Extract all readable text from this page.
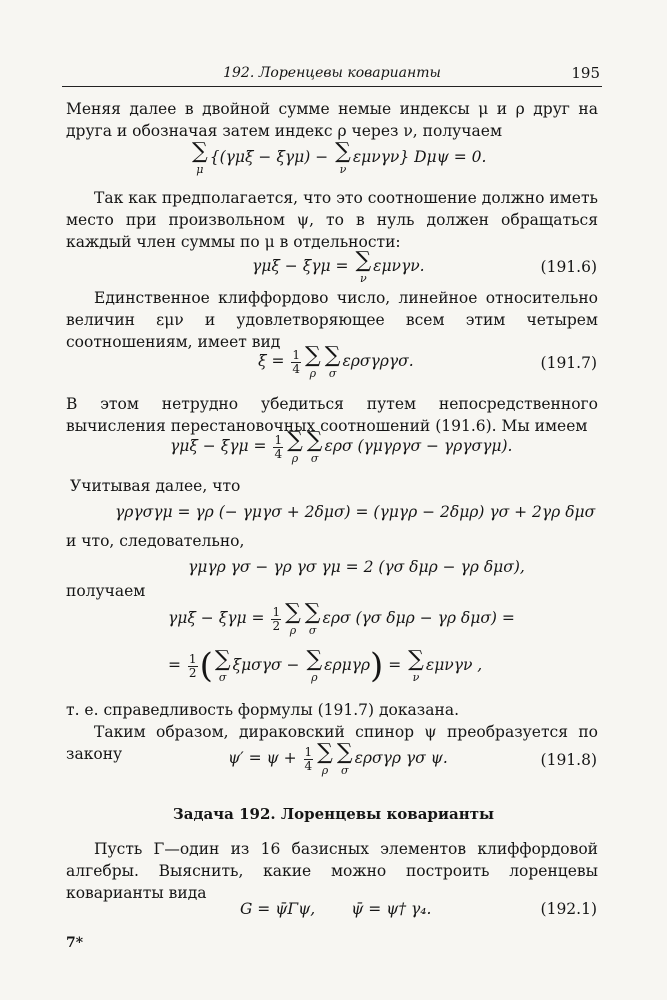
192. Лоренцевы коварианты	195
Меняя далее в двойной сумме немые индексы μ и ρ друг на друга и обозначая затем индекс ρ через ν, получаем
∑
μ
{(γμξ − ξγμ) − ∑
ν
εμνγν} Dμψ = 0.
Так как предполагается, что это соотношение должно иметь место при произвольном ψ, то в нуль должен обращаться каждый член суммы по μ в отдельности:
γμξ − ξγμ = ∑
ν
εμνγν.	(191.6)
Единственное клиффордово число, линейное относительно величин εμν и удовлетворяющее всем этим четырем соотношениям, имеет вид
$\xi = \frac{1}{4}$ ∑
ρ
∑
σ
ερσγργσ.	(191.7)
В этом нетрудно убедиться путем непосредственного вычисления перестановочных соотношений (191.6). Мы имеем
$\gamma\mu\xi - \xi\gamma\mu = \frac{1}{4}$ ∑
ρ
∑
σ
ερσ (γμγργσ − γργσγμ).
Учитывая далее, что
γργσγμ = γρ (− γμγσ + 2δμσ) = (γμγρ − 2δμρ) γσ + 2γρ δμσ
и что, следовательно,
γμγρ γσ − γρ γσ γμ = 2 (γσ δμρ − γρ δμσ),
получаем
$\gamma\mu\xi - \xi\gamma\mu = \frac{1}{2}$ ∑
ρ
∑
σ
ερσ (γσ δμρ − γρ δμσ) =
= $\frac{1}{2}$ ( ∑
σ
ξμσγσ − ∑
ρ
ερμγρ) = ∑
ν
εμνγν ,
т. е. справедливость формулы (191.7) доказана.
Таким образом, дираковский спинор ψ преобразуется по закону	$\psi' = \psi + \frac{1}{4}$ ∑
ρ
∑
σ
ερσγρ γσ ψ.	(191.8)
Задача 192. Лоренцевы коварианты
Пусть Γ—один из 16 базисных элементов клиффордовой алгебры. Выяснить, какие можно построить лоренцевы коварианты вида
G = ψ̄Γψ, ψ̄ = ψ† γ₄.	(192.1)
7*
